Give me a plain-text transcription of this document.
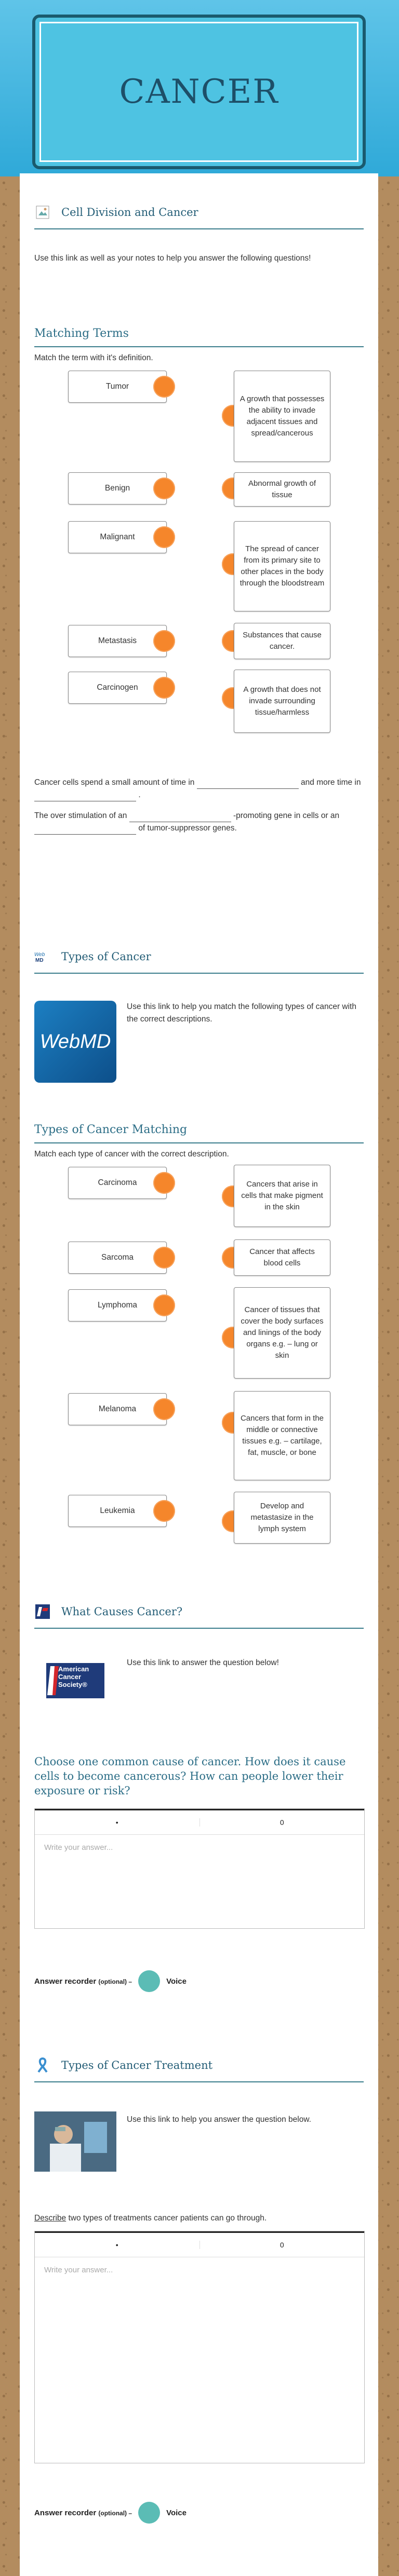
CANCER
Cell Division and Cancer
Use this link as well as your notes to help you answer the following questions!
Matching Terms
Match the term with it's definition.
Tumor
Benign
Malignant
Metastasis
Carcinogen
A growth that possesses the ability to invade adjacent tissues and spread/cancerous
Abnormal growth of tissue
The spread of cancer from its primary site to other places in the body through the bloodstream
Substances that cause cancer.
A growth that does not invade surrounding tissue/harmless
Cancer cells spend a small amount of time in	and more time in  .
The over stimulation of an	-promoting gene in cells or an  of tumor-suppressor genes.
Web
MD Types of Cancer
WebMD
Use this link to help you match the following types of cancer with the correct descriptions.
Types of Cancer Matching
Match each type of cancer with the correct description.
Carcinoma
Sarcoma
Lymphoma
Melanoma
Leukemia
Cancers that arise in cells that make pigment in the skin
Cancer that affects blood cells
Cancer of tissues that cover the body surfaces and linings of the body organs e.g. – lung or skin
Cancers that form in the middle or connective tissues e.g. – cartilage, fat, muscle, or bone
Develop and metastasize in the lymph system
What Causes Cancer?
American
Cancer
Society®
Use this link to answer the question below!
Choose one common cause of cancer. How does it cause cells to become cancerous? How can people lower their exposure or risk?
•	0
Write your answer...
Answer recorder (optional) –	Voice
Types of Cancer Treatment
Use this link to help you answer the question below.
Describe two types of treatments cancer patients can go through.
•	0
Write your answer...
Answer recorder (optional) –	Voice
